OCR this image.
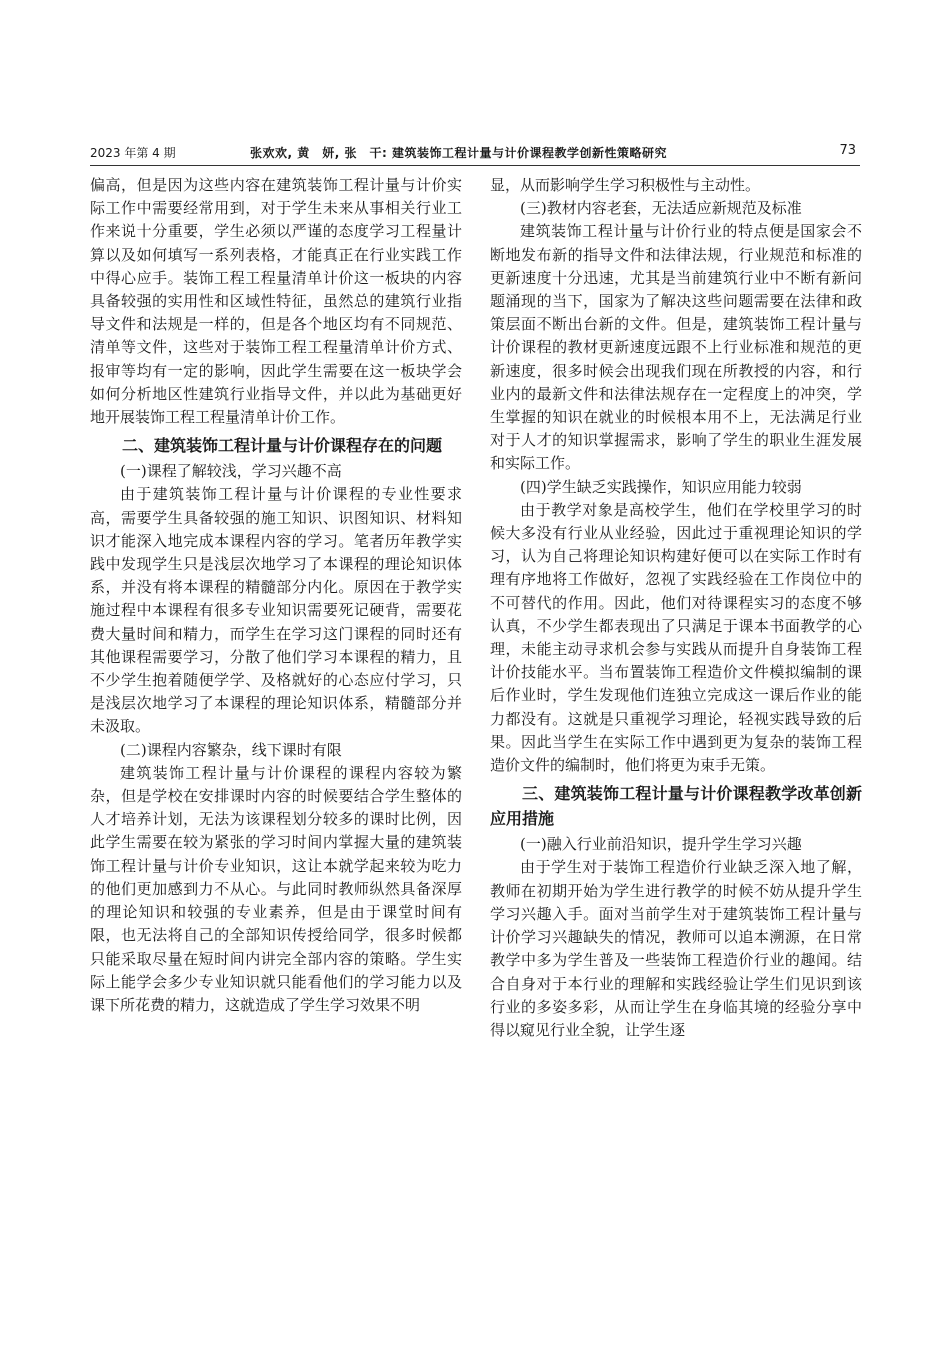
2023 年第 4 期	张欢欢, 黄　妍, 张　干: 建筑装饰工程计量与计价课程教学创新性策略研究	73

偏高，但是因为这些内容在建筑装饰工程计量与计价实际工作中需要经常用到，对于学生未来从事相关行业工作来说十分重要，学生必须以严谨的态度学习工程量计算以及如何填写一系列表格，才能真正在行业实践工作中得心应手。装饰工程工程量清单计价这一板块的内容具备较强的实用性和区域性特征，虽然总的建筑行业指导文件和法规是一样的，但是各个地区均有不同规范、清单等文件，这些对于装饰工程工程量清单计价方式、报审等均有一定的影响，因此学生需要在这一板块学会如何分析地区性建筑行业指导文件，并以此为基础更好地开展装饰工程工程量清单计价工作。

二、建筑装饰工程计量与计价课程存在的问题
(一)课程了解较浅，学习兴趣不高

由于建筑装饰工程计量与计价课程的专业性要求高，需要学生具备较强的施工知识、识图知识、材料知识才能深入地完成本课程内容的学习。笔者历年教学实践中发现学生只是浅层次地学习了本课程的理论知识体系，并没有将本课程的精髓部分内化。原因在于教学实施过程中本课程有很多专业知识需要死记硬背，需要花费大量时间和精力，而学生在学习这门课程的同时还有其他课程需要学习，分散了他们学习本课程的精力，且不少学生抱着随便学学、及格就好的心态应付学习，只是浅层次地学习了本课程的理论知识体系，精髓部分并未汲取。

(二)课程内容繁杂，线下课时有限

建筑装饰工程计量与计价课程的课程内容较为繁杂，但是学校在安排课时内容的时候要结合学生整体的人才培养计划，无法为该课程划分较多的课时比例，因此学生需要在较为紧张的学习时间内掌握大量的建筑装饰工程计量与计价专业知识，这让本就学起来较为吃力的他们更加感到力不从心。与此同时教师纵然具备深厚的理论知识和较强的专业素养，但是由于课堂时间有限，也无法将自己的全部知识传授给同学，很多时候都只能采取尽量在短时间内讲完全部内容的策略。学生实际上能学会多少专业知识就只能看他们的学习能力以及课下所花费的精力，这就造成了学生学习效果不明

显，从而影响学生学习积极性与主动性。

(三)教材内容老套，无法适应新规范及标准

建筑装饰工程计量与计价行业的特点便是国家会不断地发布新的指导文件和法律法规，行业规范和标准的更新速度十分迅速，尤其是当前建筑行业中不断有新问题涌现的当下，国家为了解决这些问题需要在法律和政策层面不断出台新的文件。但是，建筑装饰工程计量与计价课程的教材更新速度远跟不上行业标准和规范的更新速度，很多时候会出现我们现在所教授的内容，和行业内的最新文件和法律法规存在一定程度上的冲突，学生掌握的知识在就业的时候根本用不上，无法满足行业对于人才的知识掌握需求，影响了学生的职业生涯发展和实际工作。

(四)学生缺乏实践操作，知识应用能力较弱

由于教学对象是高校学生，他们在学校里学习的时候大多没有行业从业经验，因此过于重视理论知识的学习，认为自己将理论知识构建好便可以在实际工作时有理有序地将工作做好，忽视了实践经验在工作岗位中的不可替代的作用。因此，他们对待课程实习的态度不够认真，不少学生都表现出了只满足于课本书面教学的心理，未能主动寻求机会参与实践从而提升自身装饰工程计价技能水平。当布置装饰工程造价文件模拟编制的课后作业时，学生发现他们连独立完成这一课后作业的能力都没有。这就是只重视学习理论，轻视实践导致的后果。因此当学生在实际工作中遇到更为复杂的装饰工程造价文件的编制时，他们将更为束手无策。

三、建筑装饰工程计量与计价课程教学改革创新应用措施
(一)融入行业前沿知识，提升学生学习兴趣

由于学生对于装饰工程造价行业缺乏深入地了解，教师在初期开始为学生进行教学的时候不妨从提升学生学习兴趣入手。面对当前学生对于建筑装饰工程计量与计价学习兴趣缺失的情况，教师可以追本溯源，在日常教学中多为学生普及一些装饰工程造价行业的趣闻。结合自身对于本行业的理解和实践经验让学生们见识到该行业的多姿多彩，从而让学生在身临其境的经验分享中得以窥见行业全貌，让学生逐
